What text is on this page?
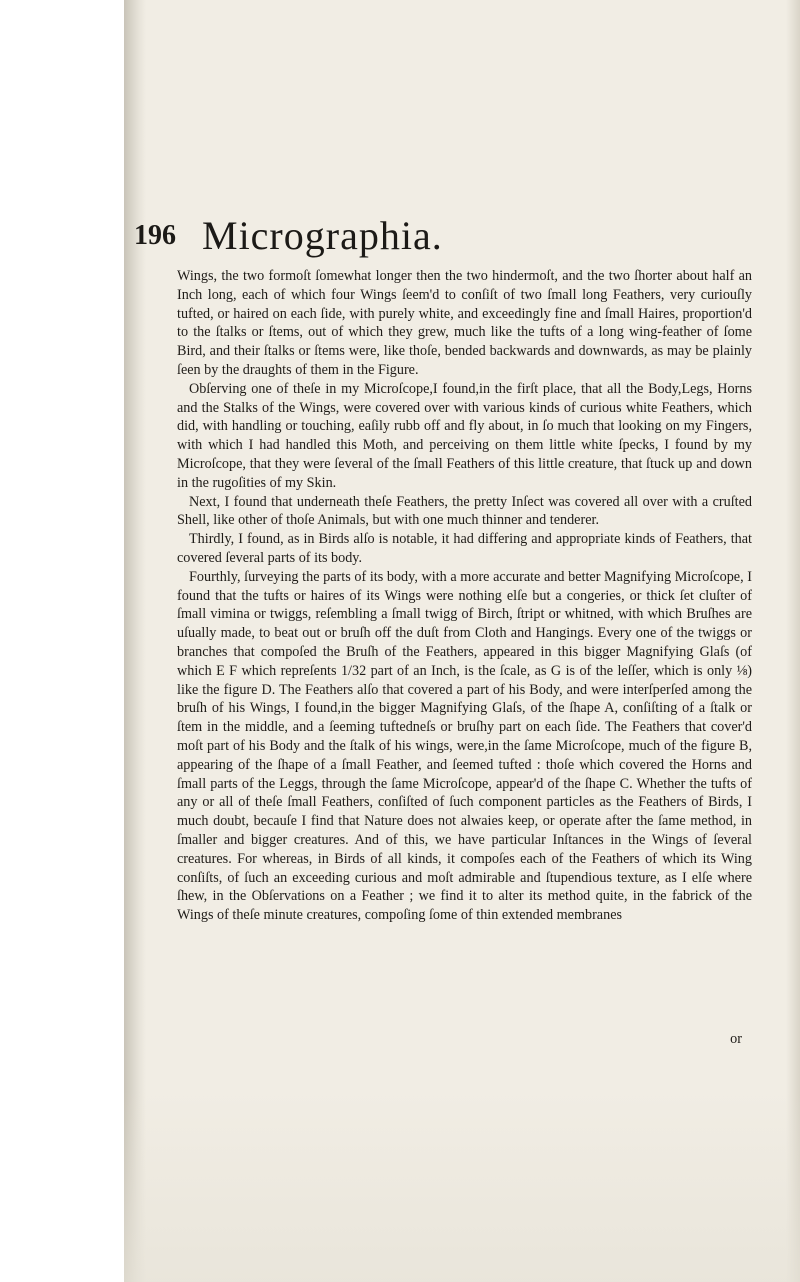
196 Micrographia.

Wings, the two formoſt ſomewhat longer then the two hindermoſt, and the two ſhorter about half an Inch long, each of which four Wings ſeem'd to conſiſt of two ſmall long Feathers, very curiouſly tufted, or haired on each ſide, with purely white, and exceedingly fine and ſmall Haires, proportion'd to the ſtalks or ſtems, out of which they grew, much like the tufts of a long wing-feather of ſome Bird, and their ſtalks or ſtems were, like thoſe, bended backwards and downwards, as may be plainly ſeen by the draughts of them in the Figure.

Obſerving one of theſe in my Microſcope,I found,in the firſt place, that all the Body,Legs, Horns and the Stalks of the Wings, were covered over with various kinds of curious white Feathers, which did, with handling or touching, eaſily rubb off and fly about, in ſo much that looking on my Fingers, with which I had handled this Moth, and perceiving on them little white ſpecks, I found by my Microſcope, that they were ſeveral of the ſmall Feathers of this little creature, that ſtuck up and down in the rugoſities of my Skin.

Next, I found that underneath theſe Feathers, the pretty Inſect was covered all over with a cruſted Shell, like other of thoſe Animals, but with one much thinner and tenderer.

Thirdly, I found, as in Birds alſo is notable, it had differing and appropriate kinds of Feathers, that covered ſeveral parts of its body.

Fourthly, ſurveying the parts of its body, with a more accurate and better Magnifying Microſcope, I found that the tufts or haires of its Wings were nothing elſe but a congeries, or thick ſet cluſter of ſmall vimina or twiggs, reſembling a ſmall twigg of Birch, ſtript or whitned, with which Bruſhes are uſually made, to beat out or bruſh off the duſt from Cloth and Hangings. Every one of the twiggs or branches that compoſed the Bruſh of the Feathers, appeared in this bigger Magnifying Glaſs (of which E F which repreſents 1/32 part of an Inch, is the ſcale, as G is of the leſſer, which is only ⅛) like the figure D. The Feathers alſo that covered a part of his Body, and were interſperſed among the bruſh of his Wings, I found,in the bigger Magnifying Glaſs, of the ſhape A, conſiſting of a ſtalk or ſtem in the middle, and a ſeeming tuftedneſs or bruſhy part on each ſide. The Feathers that cover'd moſt part of his Body and the ſtalk of his wings, were,in the ſame Microſcope, much of the figure B, appearing of the ſhape of a ſmall Feather, and ſeemed tufted : thoſe which covered the Horns and ſmall parts of the Leggs, through the ſame Microſcope, appear'd of the ſhape C. Whether the tufts of any or all of theſe ſmall Feathers, conſiſted of ſuch component particles as the Feathers of Birds, I much doubt, becauſe I find that Nature does not alwaies keep, or operate after the ſame method, in ſmaller and bigger creatures. And of this, we have particular Inſtances in the Wings of ſeveral creatures. For whereas, in Birds of all kinds, it compoſes each of the Feathers of which its Wing conſiſts, of ſuch an exceeding curious and moſt admirable and ſtupendious texture, as I elſe where ſhew, in the Obſervations on a Feather ; we find it to alter its method quite, in the fabrick of the Wings of theſe minute creatures, compoſing ſome of thin extended membranes

or
